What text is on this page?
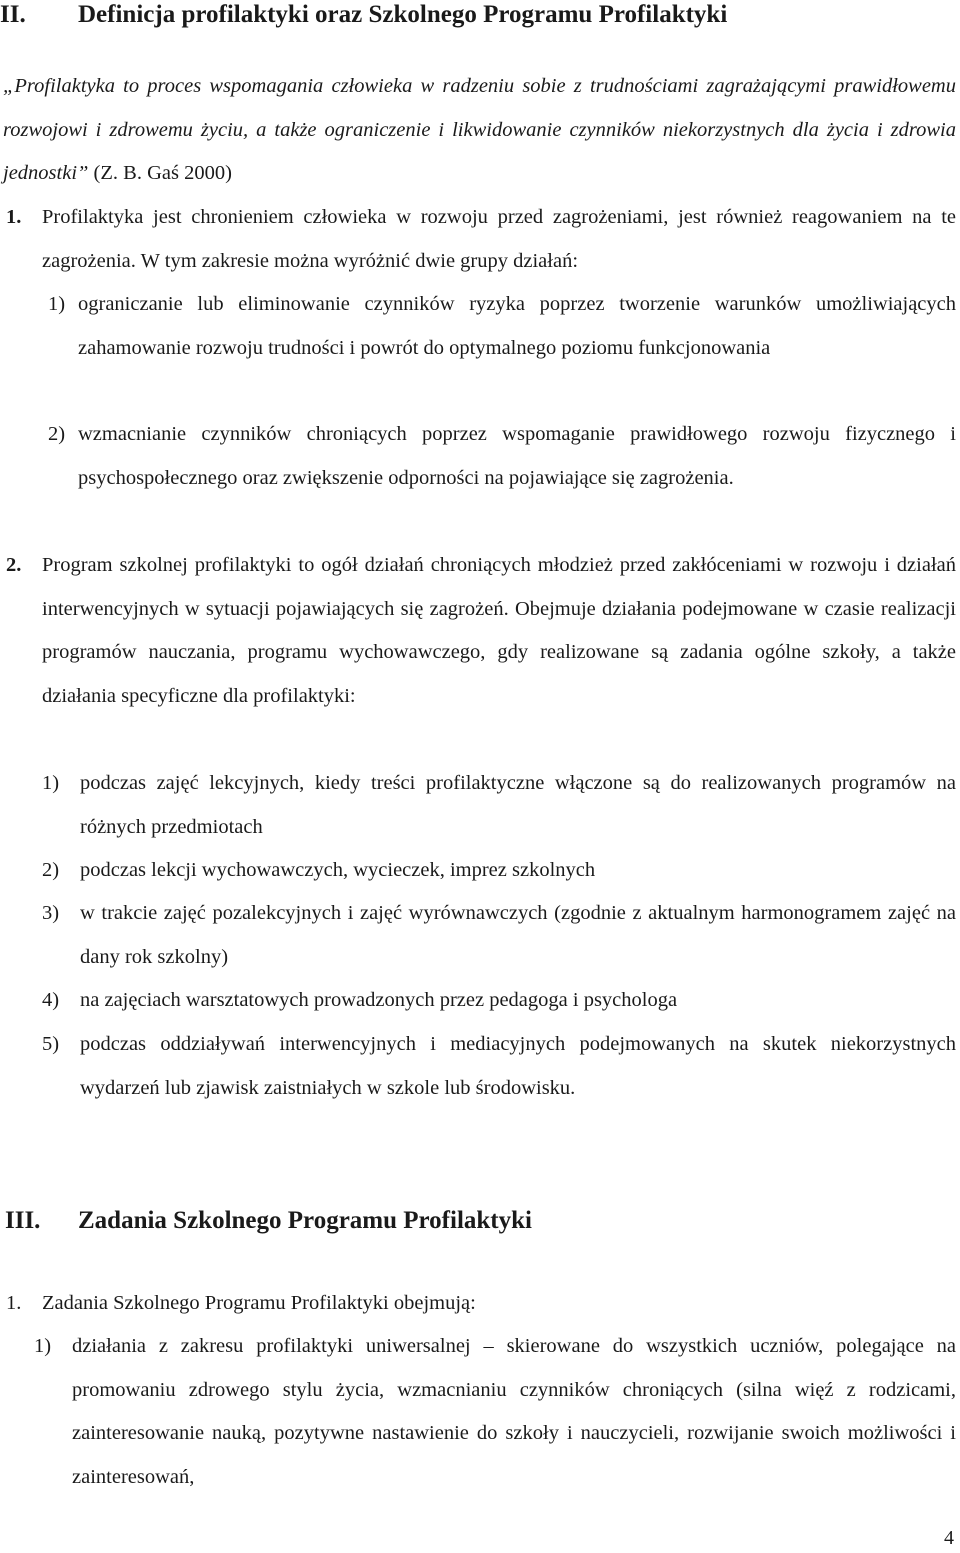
II. Definicja profilaktyki oraz Szkolnego Programu Profilaktyki
„Profilaktyka to proces wspomagania człowieka w radzeniu sobie z trudnościami zagrażającymi prawidłowemu rozwojowi i zdrowemu życiu, a także ograniczenie i likwidowanie czynników niekorzystnych dla życia i zdrowia jednostki” (Z. B. Gaś 2000)
1. Profilaktyka jest chronieniem człowieka w rozwoju przed zagrożeniami, jest również reagowaniem na te zagrożenia. W tym zakresie można wyróżnić dwie grupy działań:
1) ograniczanie lub eliminowanie czynników ryzyka poprzez tworzenie warunków umożliwiających zahamowanie rozwoju trudności i powrót do optymalnego poziomu funkcjonowania
2) wzmacnianie czynników chroniących poprzez wspomaganie prawidłowego rozwoju fizycznego i psychospołecznego oraz zwiększenie odporności na pojawiające się zagrożenia.
2. Program szkolnej profilaktyki to ogół działań chroniących młodzież przed zakłóceniami w rozwoju i działań interwencyjnych w sytuacji pojawiających się zagrożeń. Obejmuje działania podejmowane w czasie realizacji programów nauczania, programu wychowawczego, gdy realizowane są zadania ogólne szkoły, a także działania specyficzne dla profilaktyki:
1) podczas zajęć lekcyjnych, kiedy treści profilaktyczne włączone są do realizowanych programów na różnych przedmiotach
2) podczas lekcji wychowawczych, wycieczek, imprez szkolnych
3) w trakcie zajęć pozalekcyjnych i zajęć wyrównawczych (zgodnie z aktualnym harmonogramem zajęć na dany rok szkolny)
4) na zajęciach warsztatowych prowadzonych przez pedagoga i psychologa
5) podczas oddziaływań interwencyjnych i mediacyjnych podejmowanych na skutek niekorzystnych wydarzeń lub zjawisk zaistniałych w szkole lub środowisku.
III. Zadania Szkolnego Programu Profilaktyki
1. Zadania Szkolnego Programu Profilaktyki obejmują:
1) działania z zakresu profilaktyki uniwersalnej – skierowane do wszystkich uczniów, polegające na promowaniu zdrowego stylu życia, wzmacnianiu czynników chroniących (silna więź z rodzicami, zainteresowanie nauką, pozytywne nastawienie do szkoły i nauczycieli, rozwijanie swoich możliwości i zainteresowań,
4
